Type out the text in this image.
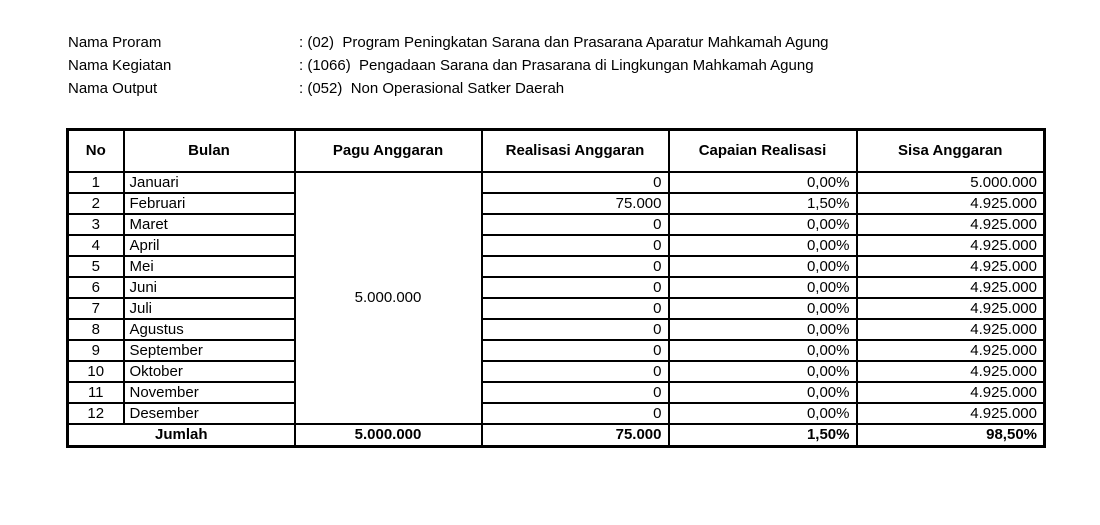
Nama Proram	: (02)  Program Peningkatan Sarana dan Prasarana Aparatur Mahkamah Agung
Nama Kegiatan	: (1066)  Pengadaan Sarana dan Prasarana di Lingkungan Mahkamah Agung
Nama Output	: (052)  Non Operasional Satker Daerah
No	Bulan	Pagu Anggaran	Realisasi Anggaran	Capaian Realisasi	Sisa Anggaran
1	Januari	5.000.000	0	0,00%	5.000.000
2	Februari		75.000	1,50%	4.925.000
3	Maret		0	0,00%	4.925.000
4	April		0	0,00%	4.925.000
5	Mei		0	0,00%	4.925.000
6	Juni		0	0,00%	4.925.000
7	Juli		0	0,00%	4.925.000
8	Agustus		0	0,00%	4.925.000
9	September		0	0,00%	4.925.000
10	Oktober		0	0,00%	4.925.000
11	November		0	0,00%	4.925.000
12	Desember		0	0,00%	4.925.000
Jumlah		5.000.000	75.000	1,50%	98,50%
